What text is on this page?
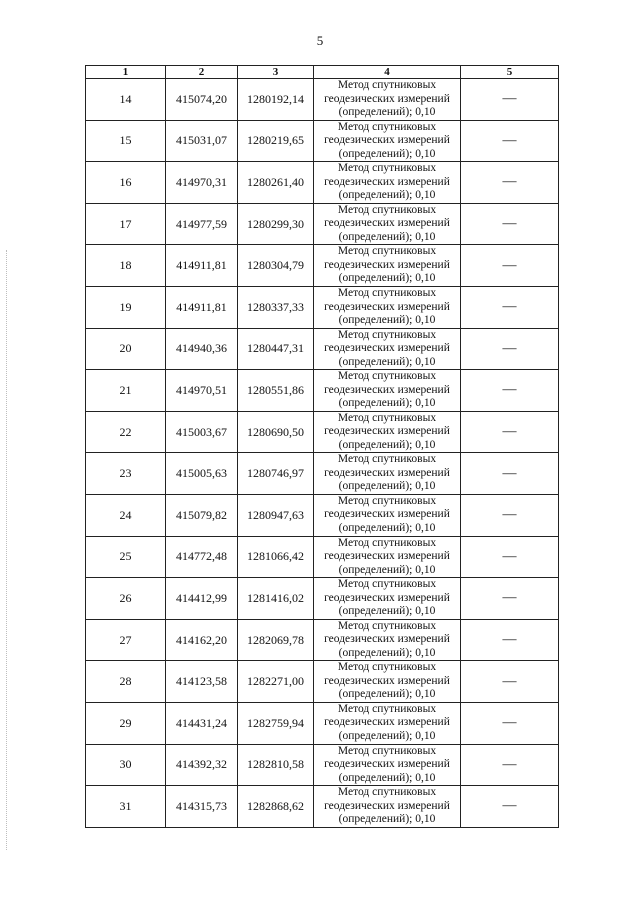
5
1	2	3	4	5
14	415074,20	1280192,14	Метод спутниковых
геодезических измерений
(определений); 0,10	—
15	415031,07	1280219,65	Метод спутниковых
геодезических измерений
(определений); 0,10	—
16	414970,31	1280261,40	Метод спутниковых
геодезических измерений
(определений); 0,10	—
17	414977,59	1280299,30	Метод спутниковых
геодезических измерений
(определений); 0,10	—
18	414911,81	1280304,79	Метод спутниковых
геодезических измерений
(определений); 0,10	—
19	414911,81	1280337,33	Метод спутниковых
геодезических измерений
(определений); 0,10	—
20	414940,36	1280447,31	Метод спутниковых
геодезических измерений
(определений); 0,10	—
21	414970,51	1280551,86	Метод спутниковых
геодезических измерений
(определений); 0,10	—
22	415003,67	1280690,50	Метод спутниковых
геодезических измерений
(определений); 0,10	—
23	415005,63	1280746,97	Метод спутниковых
геодезических измерений
(определений); 0,10	—
24	415079,82	1280947,63	Метод спутниковых
геодезических измерений
(определений); 0,10	—
25	414772,48	1281066,42	Метод спутниковых
геодезических измерений
(определений); 0,10	—
26	414412,99	1281416,02	Метод спутниковых
геодезических измерений
(определений); 0,10	—
27	414162,20	1282069,78	Метод спутниковых
геодезических измерений
(определений); 0,10	—
28	414123,58	1282271,00	Метод спутниковых
геодезических измерений
(определений); 0,10	—
29	414431,24	1282759,94	Метод спутниковых
геодезических измерений
(определений); 0,10	—
30	414392,32	1282810,58	Метод спутниковых
геодезических измерений
(определений); 0,10	—
31	414315,73	1282868,62	Метод спутниковых
геодезических измерений
(определений); 0,10	—
